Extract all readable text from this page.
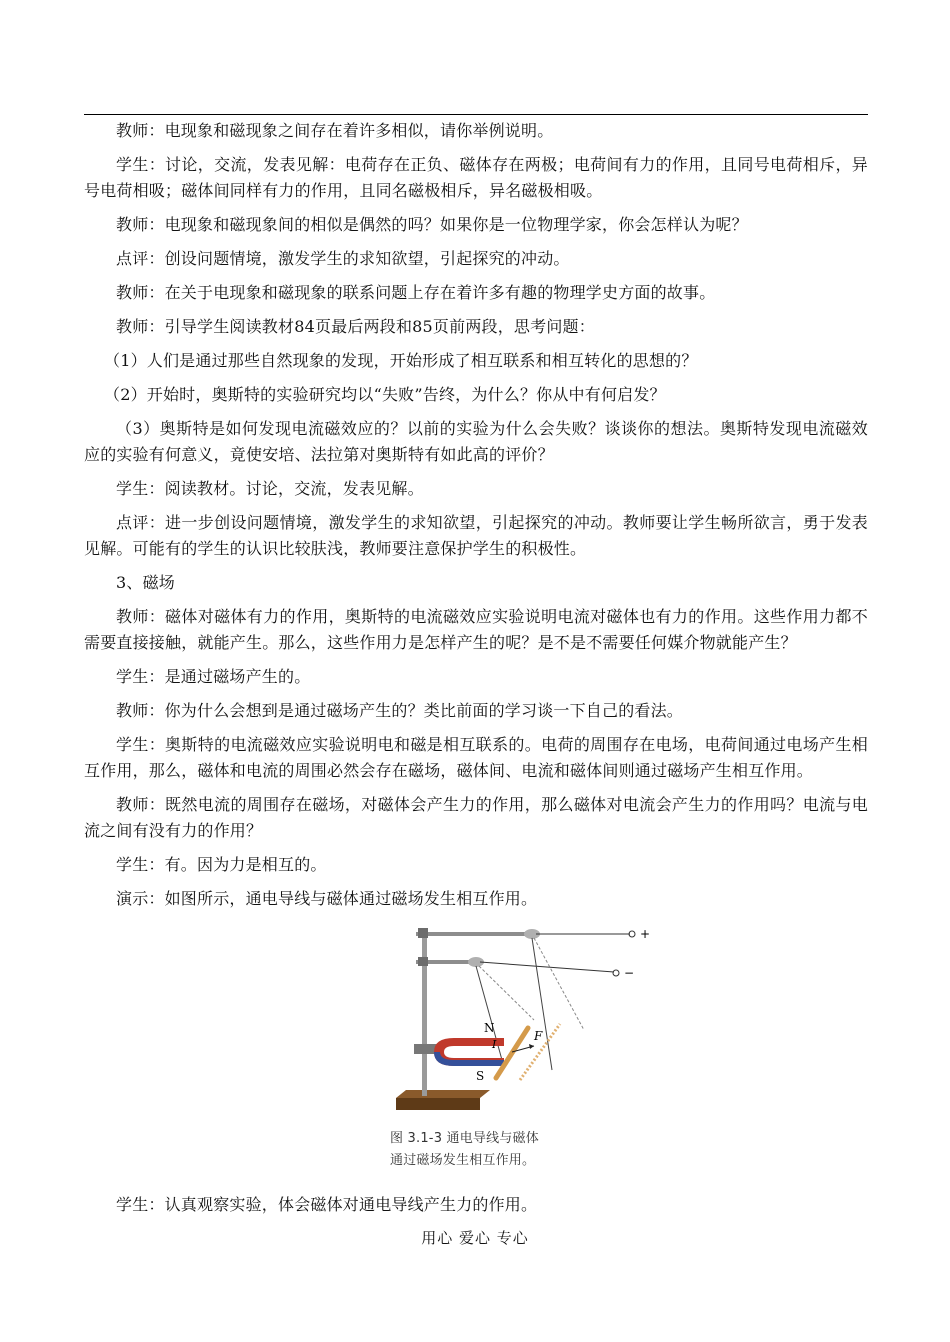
教师：电现象和磁现象之间存在着许多相似，请你举例说明。

学生：讨论，交流，发表见解：电荷存在正负、磁体存在两极；电荷间有力的作用，且同号电荷相斥，异号电荷相吸；磁体间同样有力的作用，且同名磁极相斥，异名磁极相吸。

教师：电现象和磁现象间的相似是偶然的吗？如果你是一位物理学家，你会怎样认为呢？

点评：创设问题情境，激发学生的求知欲望，引起探究的冲动。

教师：在关于电现象和磁现象的联系问题上存在着许多有趣的物理学史方面的故事。

教师：引导学生阅读教材84页最后两段和85页前两段，思考问题：

（1）人们是通过那些自然现象的发现，开始形成了相互联系和相互转化的思想的？

（2）开始时，奥斯特的实验研究均以“失败”告终，为什么？你从中有何启发？

（3）奥斯特是如何发现电流磁效应的？以前的实验为什么会失败？谈谈你的想法。奥斯特发现电流磁效应的实验有何意义，竟使安培、法拉第对奥斯特有如此高的评价？

学生：阅读教材。讨论，交流，发表见解。

点评：进一步创设问题情境，激发学生的求知欲望，引起探究的冲动。教师要让学生畅所欲言，勇于发表见解。可能有的学生的认识比较肤浅，教师要注意保护学生的积极性。

3、磁场

教师：磁体对磁体有力的作用，奥斯特的电流磁效应实验说明电流对磁体也有力的作用。这些作用力都不需要直接接触，就能产生。那么，这些作用力是怎样产生的呢？是不是不需要任何媒介物就能产生？

学生：是通过磁场产生的。

教师：你为什么会想到是通过磁场产生的？类比前面的学习谈一下自己的看法。

学生：奥斯特的电流磁效应实验说明电和磁是相互联系的。电荷的周围存在电场，电荷间通过电场产生相互作用，那么，磁体和电流的周围必然会存在磁场，磁体间、电流和磁体间则通过磁场产生相互作用。

教师：既然电流的周围存在磁场，对磁体会产生力的作用，那么磁体对电流会产生力的作用吗？电流与电流之间有没有力的作用？

学生：有。因为力是相互的。

演示：如图所示，通电导线与磁体通过磁场发生相互作用。

+
−
N
S
I
F
图 3.1-3 通电导线与磁体
通过磁场发生相互作用。

学生：认真观察实验，体会磁体对通电导线产生力的作用。

用心 爱心 专心
